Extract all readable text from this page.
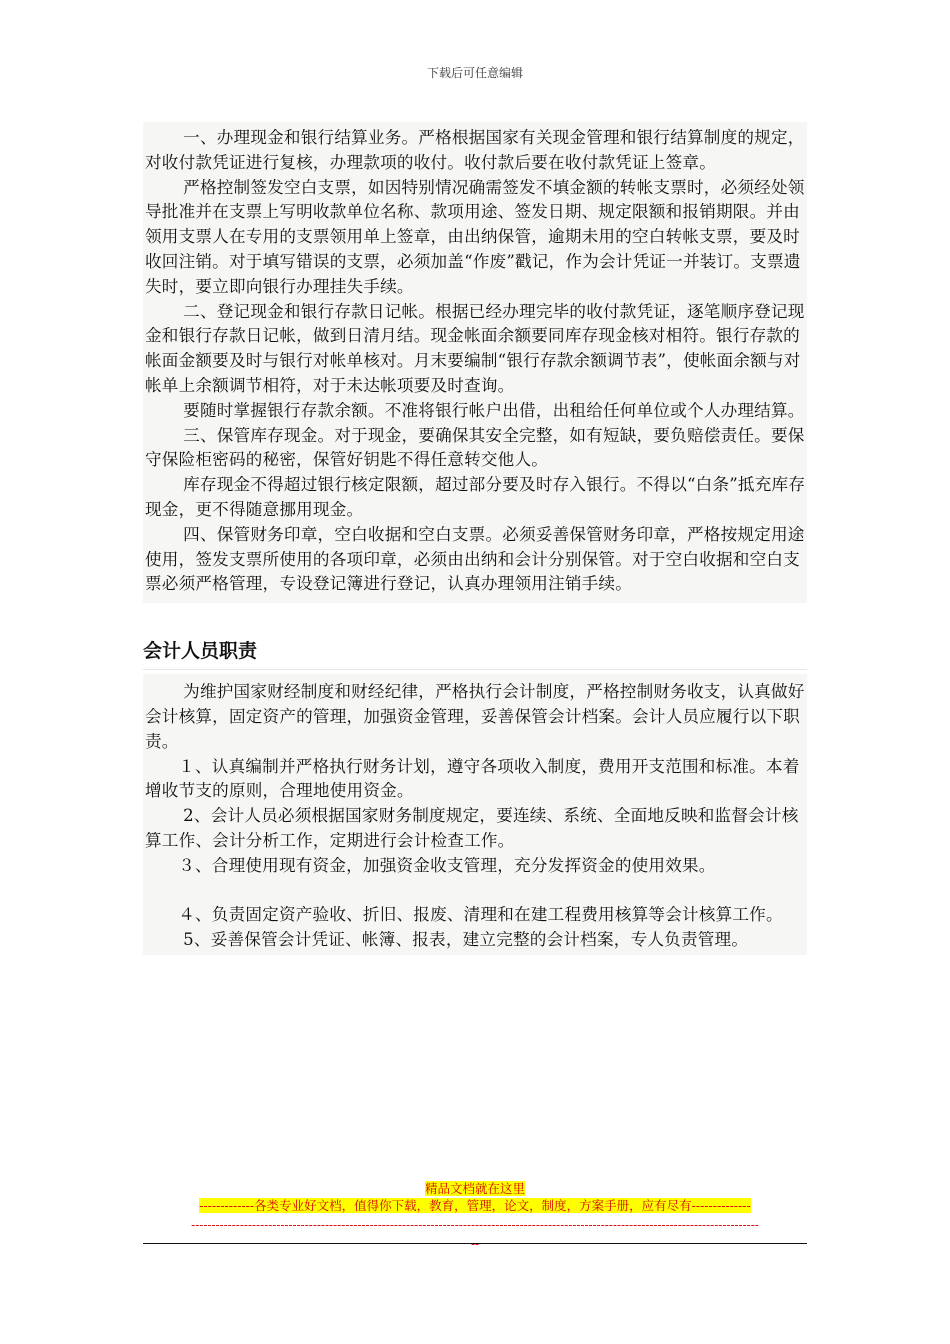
下载后可任意编辑

一、办理现金和银行结算业务。严格根据国家有关现金管理和银行结算制度的规定，对收付款凭证进行复核，办理款项的收付。收付款后要在收付款凭证上签章。

严格控制签发空白支票，如因特别情况确需签发不填金额的转帐支票时，必须经处领导批准并在支票上写明收款单位名称、款项用途、签发日期、规定限额和报销期限。并由领用支票人在专用的支票领用单上签章，由出纳保管，逾期未用的空白转帐支票，要及时收回注销。对于填写错误的支票，必须加盖“作废”戳记，作为会计凭证一并装订。支票遗失时，要立即向银行办理挂失手续。

二、登记现金和银行存款日记帐。根据已经办理完毕的收付款凭证，逐笔顺序登记现金和银行存款日记帐，做到日清月结。现金帐面余额要同库存现金核对相符。银行存款的帐面金额要及时与银行对帐单核对。月末要编制“银行存款余额调节表”，使帐面余额与对帐单上余额调节相符，对于未达帐项要及时查询。

要随时掌握银行存款余额。不准将银行帐户出借，出租给任何单位或个人办理结算。

三、保管库存现金。对于现金，要确保其安全完整，如有短缺，要负赔偿责任。要保守保险柜密码的秘密，保管好钥匙不得任意转交他人。

库存现金不得超过银行核定限额，超过部分要及时存入银行。不得以“白条”抵充库存现金，更不得随意挪用现金。

四、保管财务印章，空白收据和空白支票。必须妥善保管财务印章，严格按规定用途使用，签发支票所使用的各项印章，必须由出纳和会计分别保管。对于空白收据和空白支票必须严格管理，专设登记簿进行登记，认真办理领用注销手续。

会计人员职责

为维护国家财经制度和财经纪律，严格执行会计制度，严格控制财务收支，认真做好会计核算，固定资产的管理，加强资金管理，妥善保管会计档案。会计人员应履行以下职责。

１、认真编制并严格执行财务计划，遵守各项收入制度，费用开支范围和标准。本着增收节支的原则，合理地使用资金。

2、会计人员必须根据国家财务制度规定，要连续、系统、全面地反映和监督会计核算工作、会计分析工作，定期进行会计检查工作。

３、合理使用现有资金，加强资金收支管理，充分发挥资金的使用效果。

４、负责固定资产验收、折旧、报废、清理和在建工程费用核算等会计核算工作。

5、妥善保管会计凭证、帐簿、报表，建立完整的会计档案，专人负责管理。

精品文档就在这里
-------------各类专业好文档，值得你下载，教育，管理，论文，制度，方案手册，应有尽有--------------
--------------------------------------------------------------------------------------------------------------------------------------------
--
